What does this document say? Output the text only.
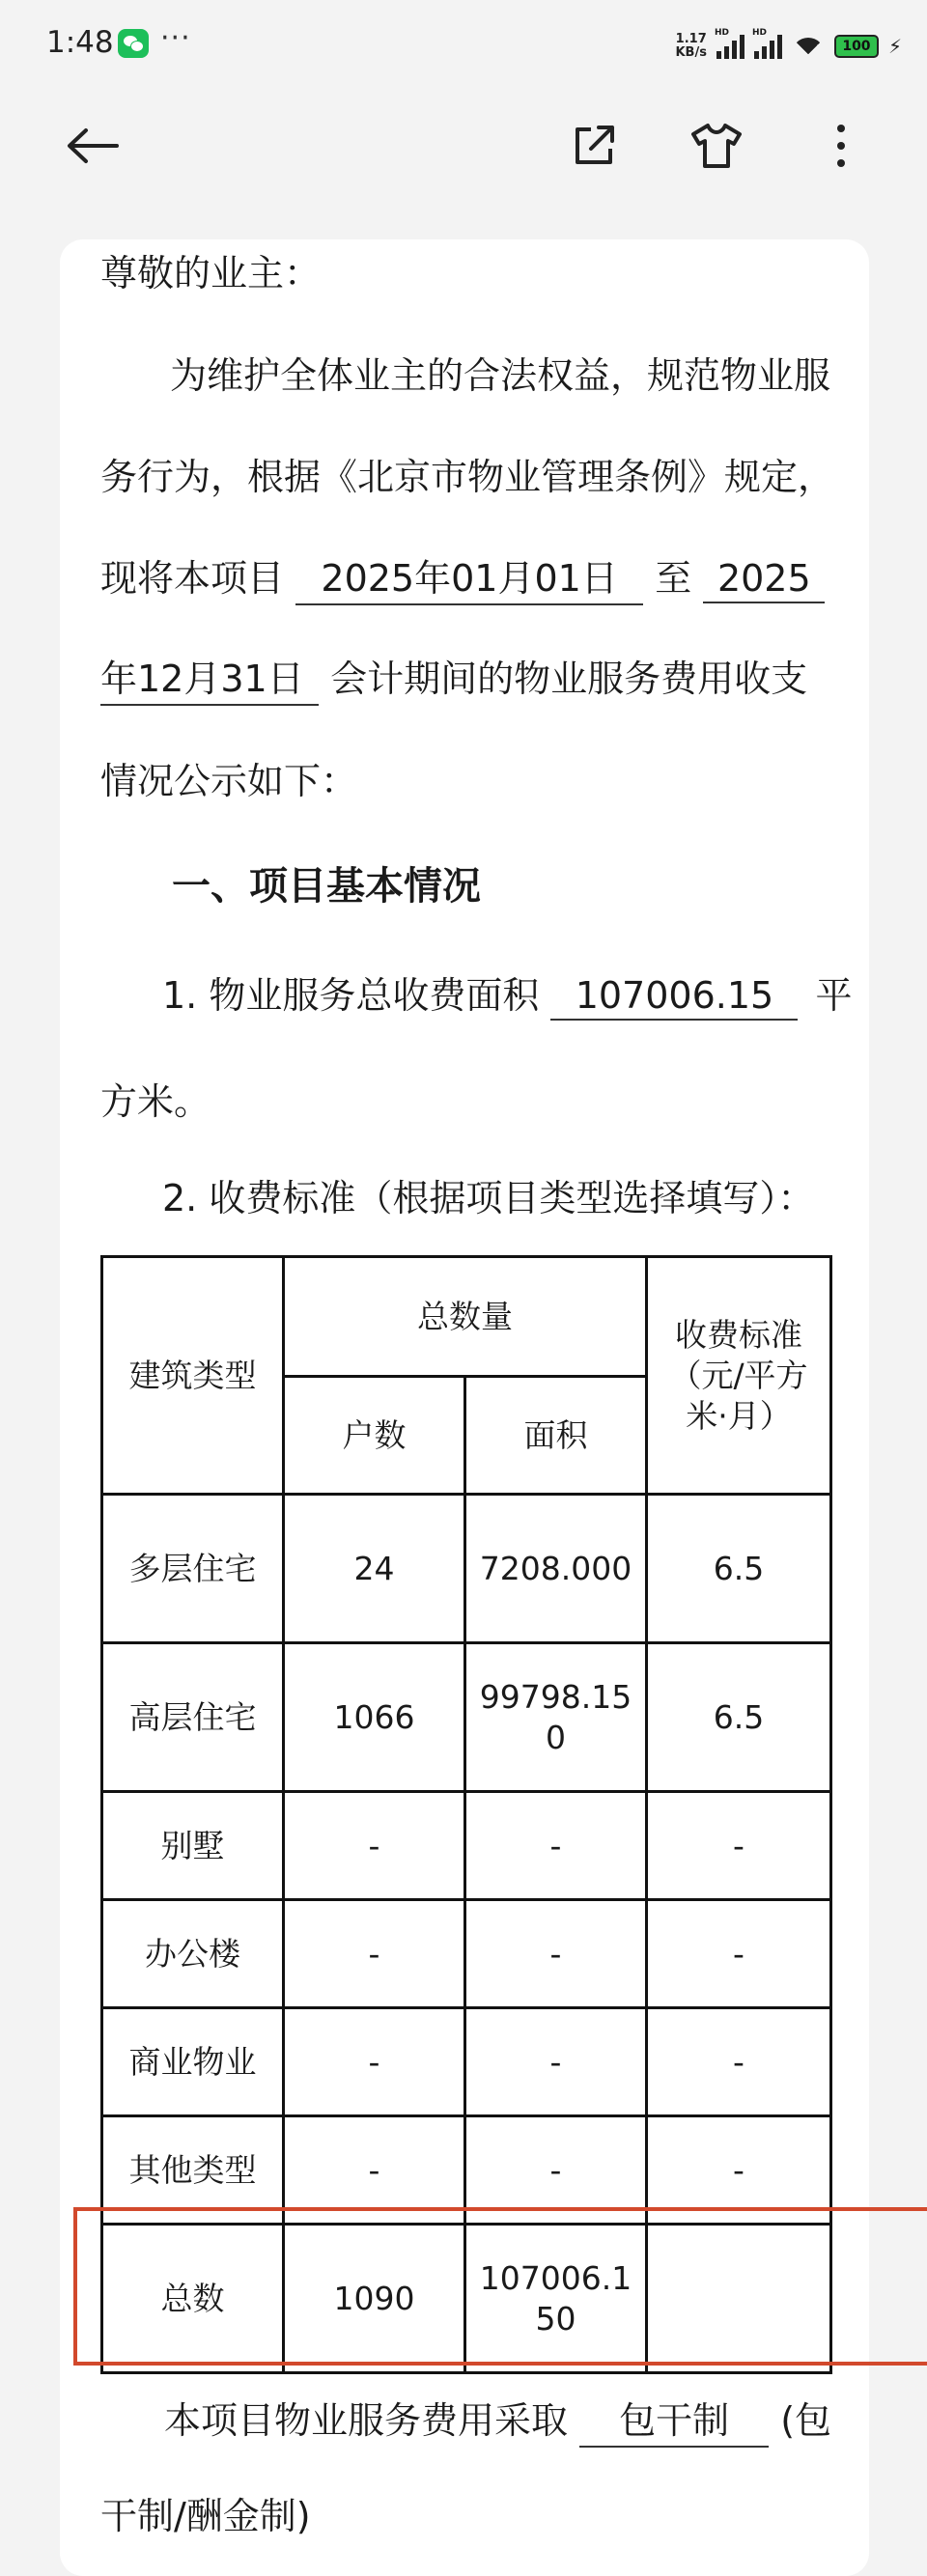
1:48 ···	1.17
KB/s
HD	HD
100 ⚡
尊敬的业主：
为维护全体业主的合法权益，规范物业服
务行为，根据《北京市物业管理条例》规定，
现将本项目 2025年01月01日 至 2025
年12月31日 会计期间的物业服务费用收支
情况公示如下：
一、项目基本情况
1. 物业服务总收费面积 107006.15 平
方米。
2. 收费标准（根据项目类型选择填写）：
建筑类型	总数量		收费标准（元/平方米·月）
	户数	面积	
多层住宅	24	7208.000	6.5
高层住宅	1066	99798.150	6.5
别墅	-	-	-
办公楼	-	-	-
商业物业	-	-	-
其他类型	-	-	-
总数	1090	107006.150	
本项目物业服务费用采取 包干制 (包
干制/酬金制)
